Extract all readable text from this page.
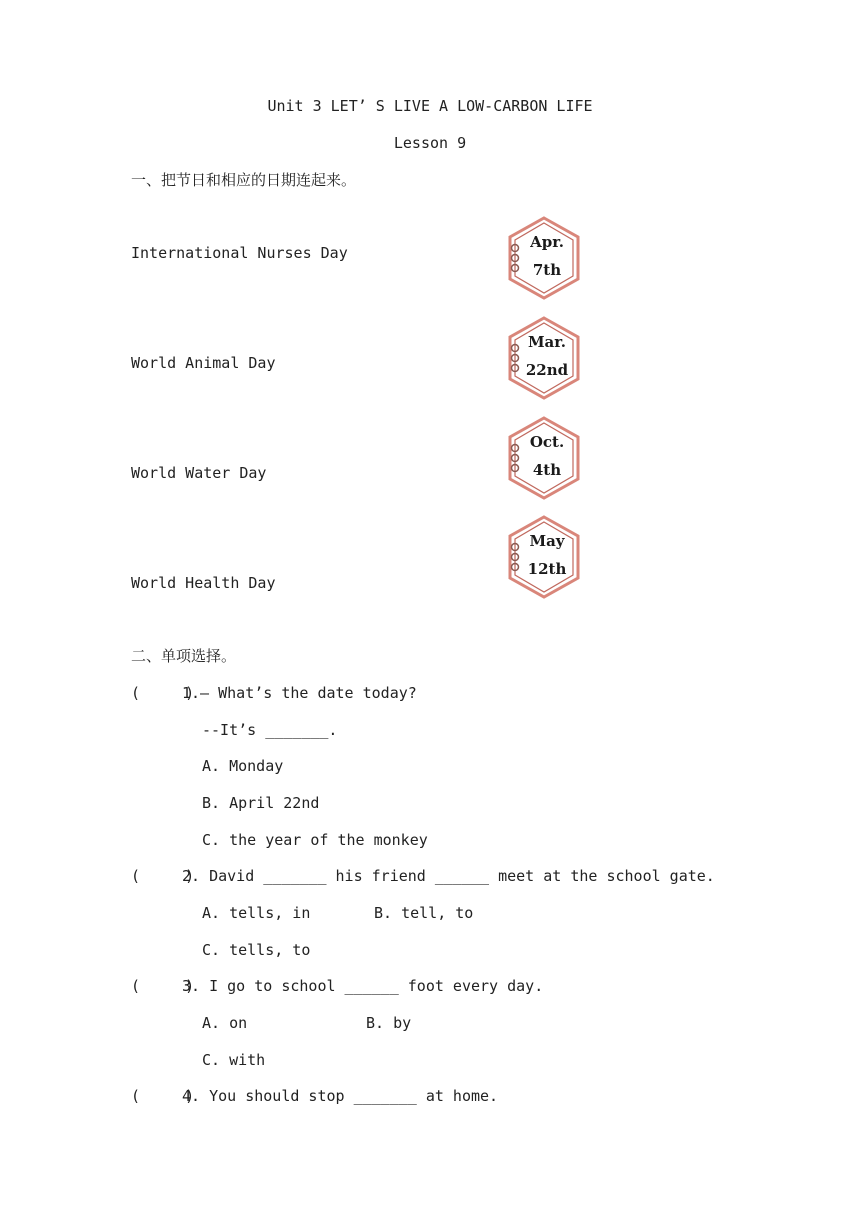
Unit 3 LET’ S LIVE A LOW-CARBON LIFE
Lesson 9
一、把节日和相应的日期连起来。
International Nurses Day
World Animal Day
World Water Day
World Health Day
Apr.
7th
Mar.
22nd
Oct.
4th
May
12th
二、单项选择。
(     )
1.— What’s the date today?
--It’s _______.
A. Monday
B. April 22nd
C. the year of the monkey
(     )
2. David _______ his friend ______ meet at the school gate.
A. tells, in	B. tell, to
C. tells, to
(     )
3. I go to school ______ foot every day.
A. on	B. by
C. with
(     )
4. You should stop _______ at home.
